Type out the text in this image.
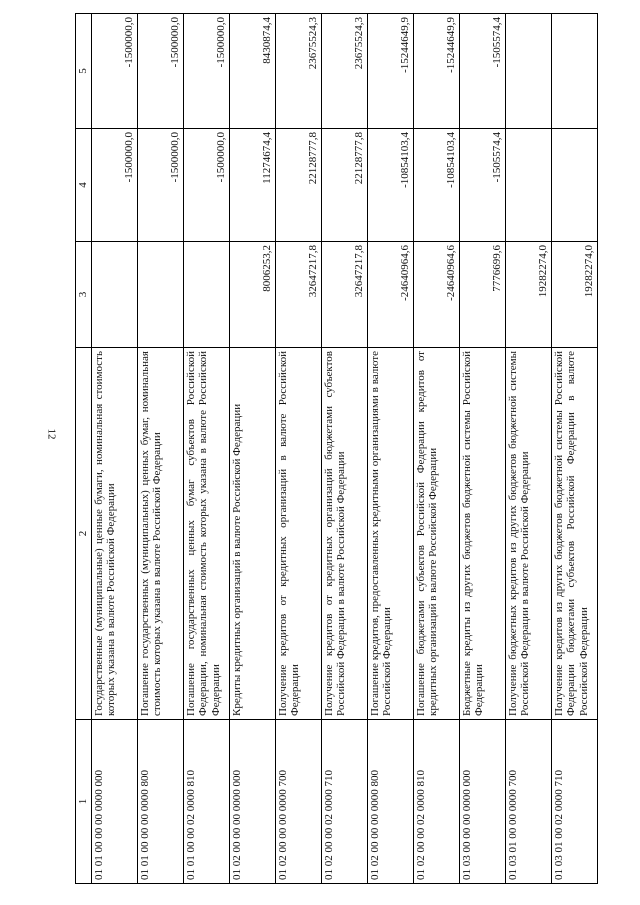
12
1	2	3	4	5
01 01 00 00 00 0000 000	Государственные (муниципальные) ценные бумаги, номинальная стоимость которых указана в валюте Российской Федерации		-1500000,0	-1500000,0
01 01 00 00 00 0000 800	Погашение государственных (муниципальных) ценных бумаг, номинальная стоимость которых указана в валюте Российской Федерации		-1500000,0	-1500000,0
01 01 00 00 02 0000 810	Погашение государственных ценных бумаг субъектов Российской Федерации, номинальная стоимость которых указана в валюте Российской Федерации		-1500000,0	-1500000,0
01 02 00 00 00 0000 000	Кредиты кредитных организаций в валюте Российской Федерации	8006253,2	11274674,4	8430874,4
01 02 00 00 00 0000 700	Получение кредитов от кредитных организаций в валюте Российской Федерации	32647217,8	22128777,8	23675524,3
01 02 00 00 02 0000 710	Получение кредитов от кредитных организаций бюджетами субъектов Российской Федерации в валюте Российской Федерации	32647217,8	22128777,8	23675524,3
01 02 00 00 00 0000 800	Погашение кредитов, предоставленных кредитными организациями в валюте Российской Федерации	-24640964,6	-10854103,4	-15244649,9
01 02 00 00 02 0000 810	Погашение бюджетами субъектов Российской Федерации кредитов от кредитных организаций в валюте Российской Федерации	-24640964,6	-10854103,4	-15244649,9
01 03 00 00 00 0000 000	Бюджетные кредиты из других бюджетов бюджетной системы Российской Федерации	7776699,6	-1505574,4	-1505574,4
01 03 01 00 00 0000 700	Получение бюджетных кредитов из других бюджетов бюджетной системы Российской Федерации в валюте Российской Федерации	19282274,0		
01 03 01 00 02 0000 710	Получение кредитов из других бюджетов бюджетной системы Российской Федерации бюджетами субъектов Российской Федерации в валюте Российской Федерации	19282274,0		
